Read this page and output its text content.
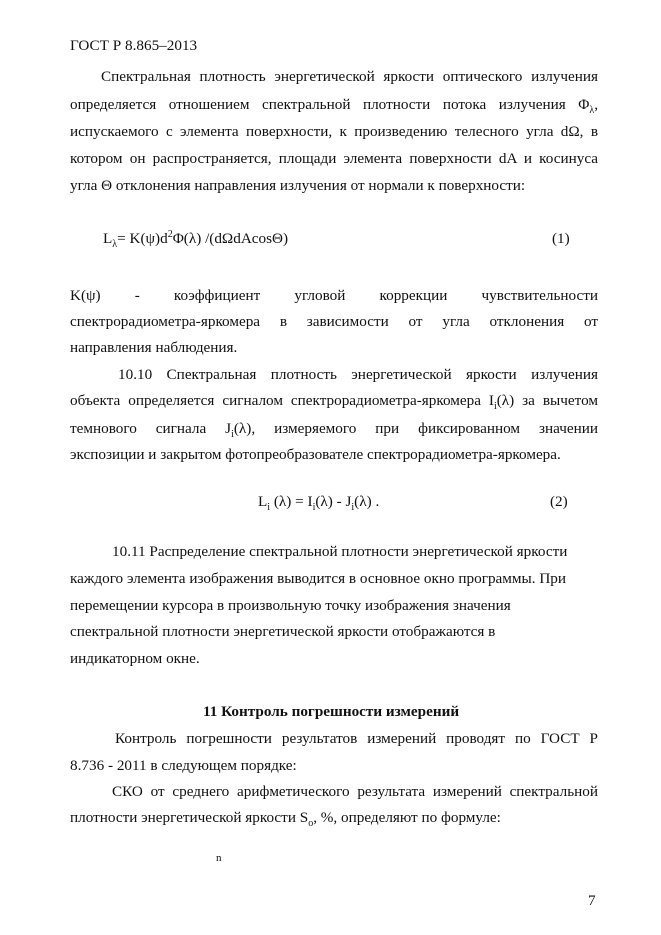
ГОСТ Р 8.865–2013
Спектральная плотность энергетической яркости оптического излучения
определяется отношением спектральной плотности потока излучения $\Phi_\lambda$,
испускаемого с элемента поверхности, к произведению телесного угла dΩ, в
котором он распространяется, площади элемента поверхности dA и косинуса
угла Θ отклонения направления излучения от нормали к поверхности:
$L_\lambda= K(\psi)d^2\Phi(\lambda)$ /(dΩdAcosΘ)	(1)
K(ψ) - коэффициент угловой коррекции чувствительности
спектрорадиометра-яркомера в зависимости от угла отклонения от
направления наблюдения.
10.10 Спектральная плотность энергетической яркости излучения
объекта определяется сигналом спектрорадиометра-яркомера $I_i(\lambda)$ за вычетом
темнового сигнала $J_i(\lambda)$, измеряемого при фиксированном значении
экспозиции и закрытом фотопреобразователе спектрорадиометра-яркомера.
$L_i$ $(\lambda) = I_i(\lambda)$ ‐ $J_i(\lambda)$ .	(2)
10.11 Распределение спектральной плотности энергетической яркости
каждого элемента изображения выводится в основное окно программы. При
перемещении курсора в произвольную точку изображения значения
спектральной плотности энергетической яркости отображаются в
индикаторном окне.
11 Контроль погрешности измерений
Контроль погрешности результатов измерений проводят по ГОСТ Р
8.736 - 2011 в следующем порядке:
СКО от среднего арифметического результата измерений спектральной
плотности энергетической яркости $S_o$, %, определяют по формуле:
n
7
